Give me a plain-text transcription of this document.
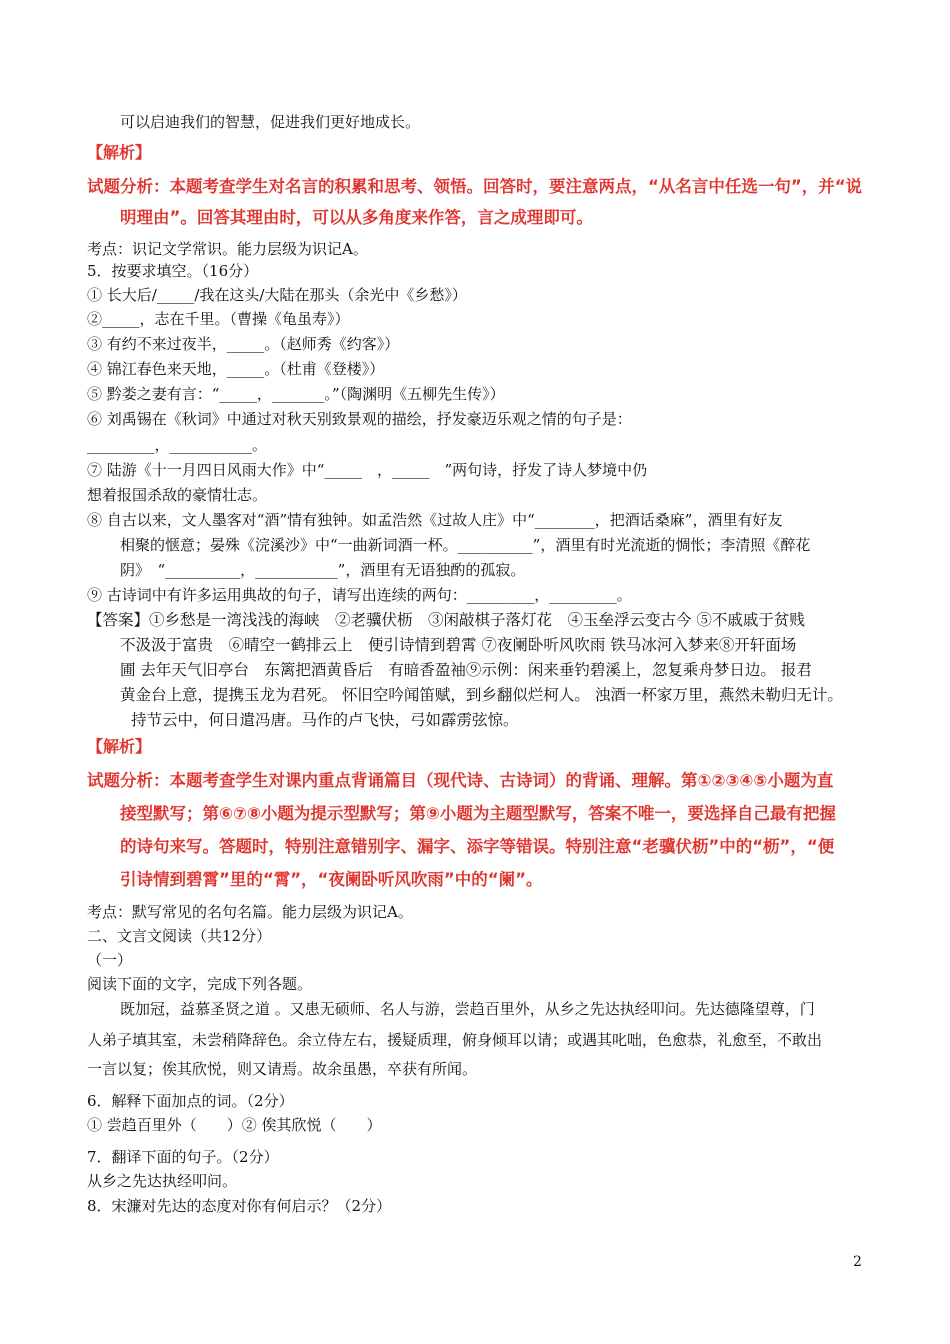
可以启迪我们的智慧，促进我们更好地成长。
【解析】
试题分析：本题考查学生对名言的积累和思考、领悟。回答时，要注意两点，“从名言中任选一句”，并“说
明理由”。回答其理由时，可以从多角度来作答，言之成理即可。
考点：识记文学常识。能力层级为识记A。
5．按要求填空。（16分）
① 长大后/_____/我在这头/大陆在那头（余光中《乡愁》）
②_____，志在千里。（曹操《龟虽寿》）
③ 有约不来过夜半，_____。（赵师秀《约客》）
④ 锦江春色来天地，_____。（杜甫《登楼》）
⑤ 黔娄之妻有言：“_____，_______。”（陶渊明《五柳先生传》）
⑥ 刘禹锡在《秋词》中通过对秋天别致景观的描绘，抒发豪迈乐观之情的句子是：
_________，___________。
⑦ 陆游《十一月四日风雨大作》中“_____　，_____　”两句诗，抒发了诗人梦境中仍
想着报国杀敌的豪情壮志。
⑧ 自古以来，文人墨客对“酒”情有独钟。如孟浩然《过故人庄》中“________，把酒话桑麻”，酒里有好友
相聚的惬意；晏殊《浣溪沙》中“一曲新词酒一杯。__________”，酒里有时光流逝的惆怅；李清照《醉花
阴》　“__________，___________”，酒里有无语独酌的孤寂。
⑨ 古诗词中有许多运用典故的句子，请写出连续的两句：_________，_________。
【答案】①乡愁是一湾浅浅的海峡　②老骥伏枥　③闲敲棋子落灯花　④玉垒浮云变古今 ⑤不戚戚于贫贱
不汲汲于富贵　⑥晴空一鹤排云上　便引诗情到碧霄 ⑦夜阑卧听风吹雨 铁马冰河入梦来⑧开轩面场
圃 去年天气旧亭台　东篱把酒黄昏后　有暗香盈袖⑨示例：闲来垂钓碧溪上，忽复乘舟梦日边。 报君
黄金台上意，提携玉龙为君死。 怀旧空吟闻笛赋，到乡翻似烂柯人。 浊酒一杯家万里，燕然未勒归无计。
持节云中，何日遣冯唐。马作的卢飞快，弓如霹雳弦惊。
【解析】
试题分析：本题考查学生对课内重点背诵篇目（现代诗、古诗词）的背诵、理解。第①②③④⑤小题为直
接型默写；第⑥⑦⑧小题为提示型默写；第⑨小题为主题型默写，答案不唯一，要选择自己最有把握
的诗句来写。答题时，特别注意错别字、漏字、添字等错误。特别注意“老骥伏枥”中的“枥”，“便
引诗情到碧霄”里的“霄”，“夜阑卧听风吹雨”中的“阑”。
考点：默写常见的名句名篇。能力层级为识记A。
二、文言文阅读（共12分）
（一）
阅读下面的文字，完成下列各题。
既加冠，益慕圣贤之道 。又患无硕师、名人与游，尝趋百里外，从乡之先达执经叩问。先达德隆望尊，门
人弟子填其室，未尝稍降辞色。余立侍左右，援疑质理，俯身倾耳以请；或遇其叱咄，色愈恭，礼愈至，不敢出
一言以复；俟其欣悦，则又请焉。故余虽愚，卒获有所闻。
6．解释下面加点的词。（2分）
① 尝趋百里外（　　）② 俟其欣悦（　　）
7．翻译下面的句子。（2分）
从乡之先达执经叩问。
8．宋濂对先达的态度对你有何启示？（2分）
2
